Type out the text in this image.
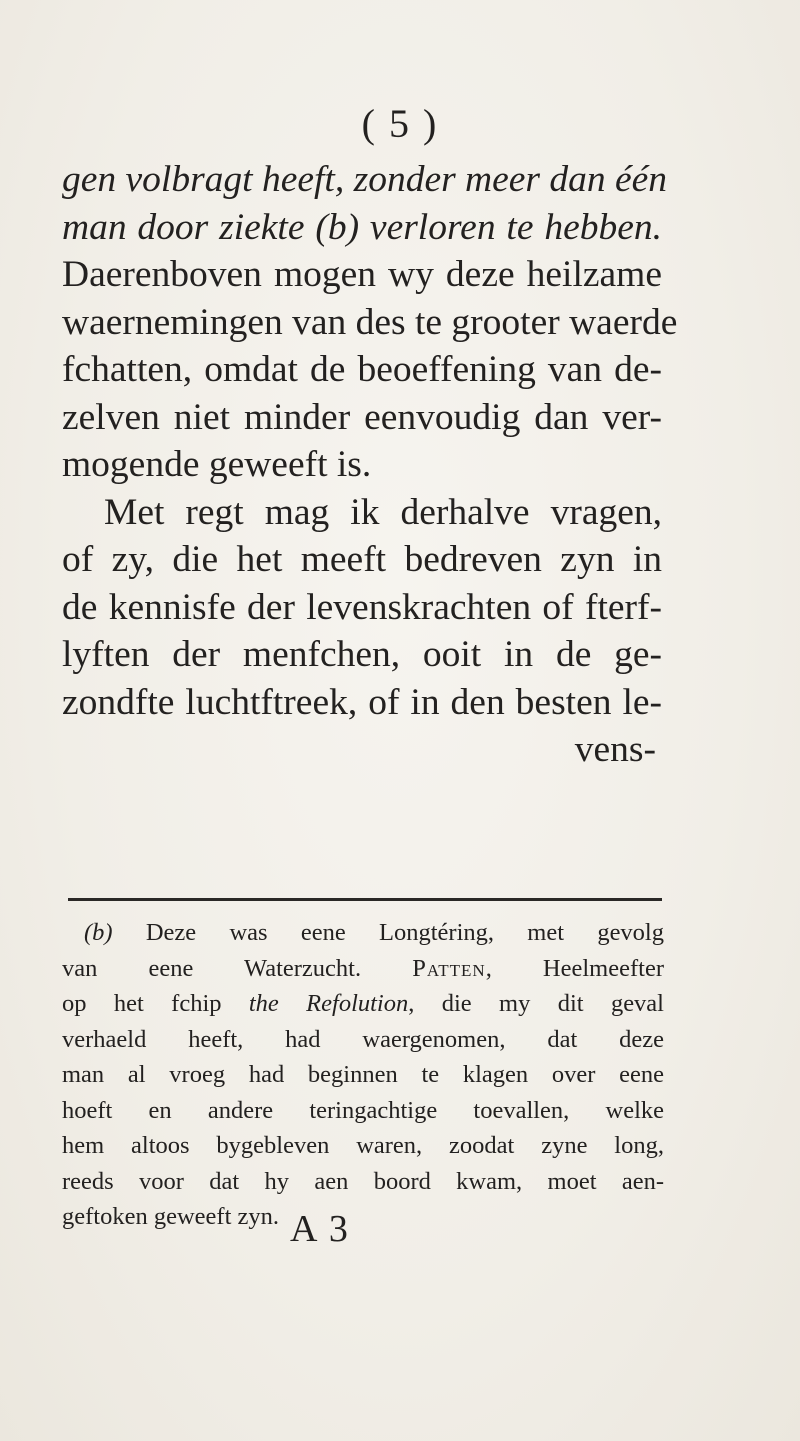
( 5 )
gen volbragt heeft, zonder meer dan één
man door ziekte (b) verloren te hebben.
Daerenboven mogen wy deze heilzame
waernemingen van des te grooter waerde
fchatten, omdat de beoeffening van de-
zelven niet minder eenvoudig dan ver-
mogende geweeft is.
Met regt mag ik derhalve vragen,
of zy, die het meeft bedreven zyn in
de kennisfe der levenskrachten of fterf-
lyften der menfchen, ooit in de ge-
zondfte luchtftreek, of in den besten le-
vens-
(b) Deze was eene Longtéring, met gevolg
van eene Waterzucht. Patten, Heelmeefter
op het fchip the Refolution, die my dit geval
verhaeld heeft, had waergenomen, dat deze
man al vroeg had beginnen te klagen over eene
hoeft en andere teringachtige toevallen, welke
hem altoos bygebleven waren, zoodat zyne long,
reeds voor dat hy aen boord kwam, moet aen-
geftoken geweeft zyn. A 3
